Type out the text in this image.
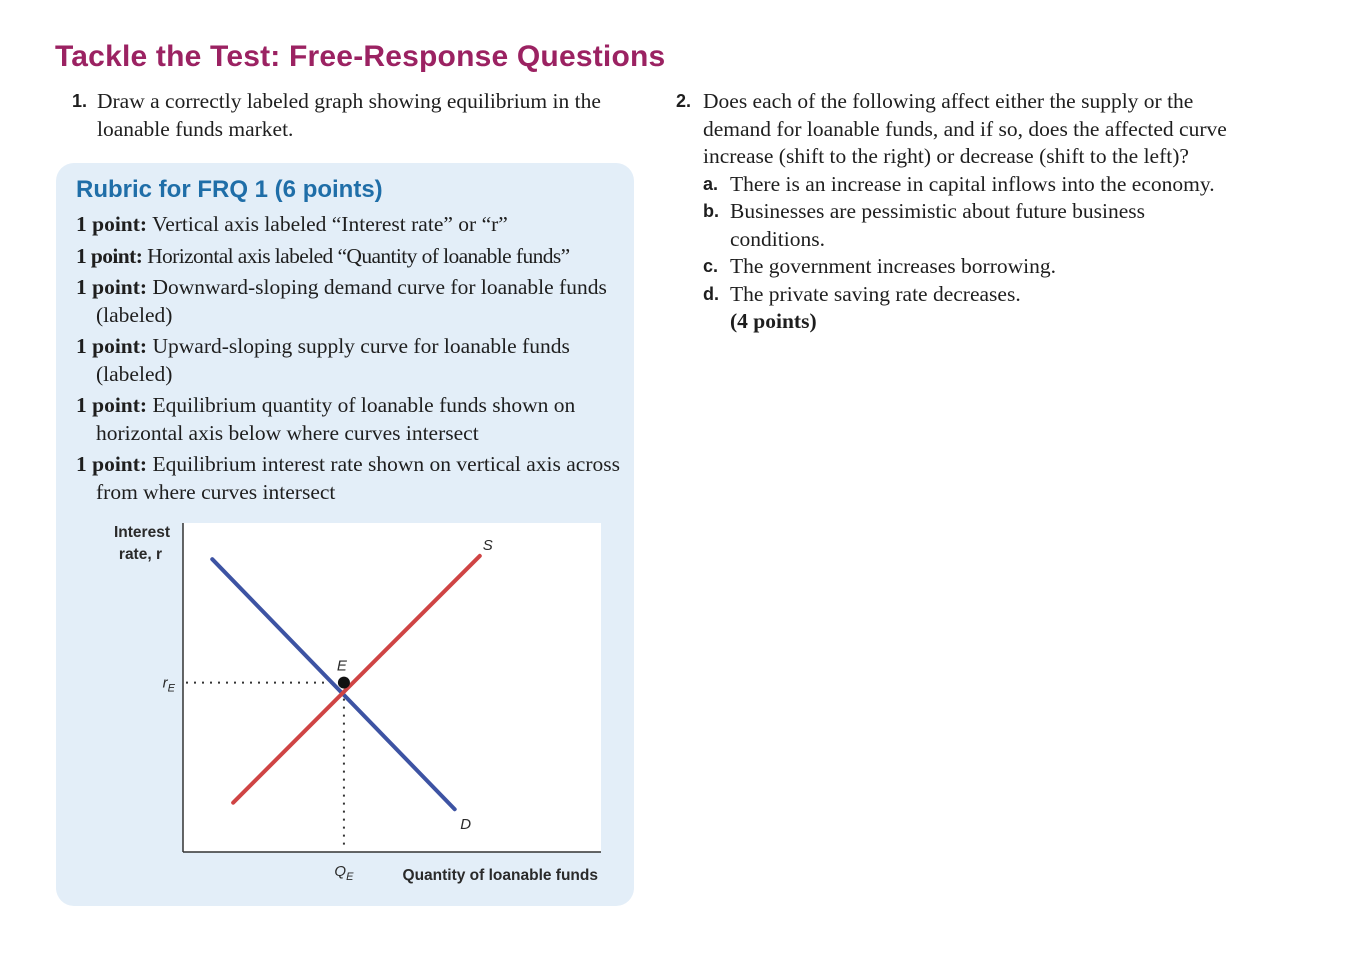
Tackle the Test: Free-Response Questions
1. Draw a correctly labeled graph showing equilibrium in the loanable funds market.
Rubric for FRQ 1 (6 points)
1 point: Vertical axis labeled “Interest rate” or “r”
1 point: Horizontal axis labeled “Quantity of loanable funds”
1 point: Downward-sloping demand curve for loanable funds (labeled)
1 point: Upward-sloping supply curve for loanable funds (labeled)
1 point: Equilibrium quantity of loanable funds shown on horizontal axis below where curves intersect
1 point: Equilibrium interest rate shown on vertical axis across from where curves intersect
Interest
rate, r
Quantity of loanable funds
S
D
E
$r_E$
$Q_E$
2. Does each of the following affect either the supply or the demand for loanable funds, and if so, does the affected curve increase (shift to the right) or decrease (shift to the left)?
a. There is an increase in capital inflows into the economy.
b. Businesses are pessimistic about future business conditions.
c. The government increases borrowing.
d. The private saving rate decreases.
(4 points)
